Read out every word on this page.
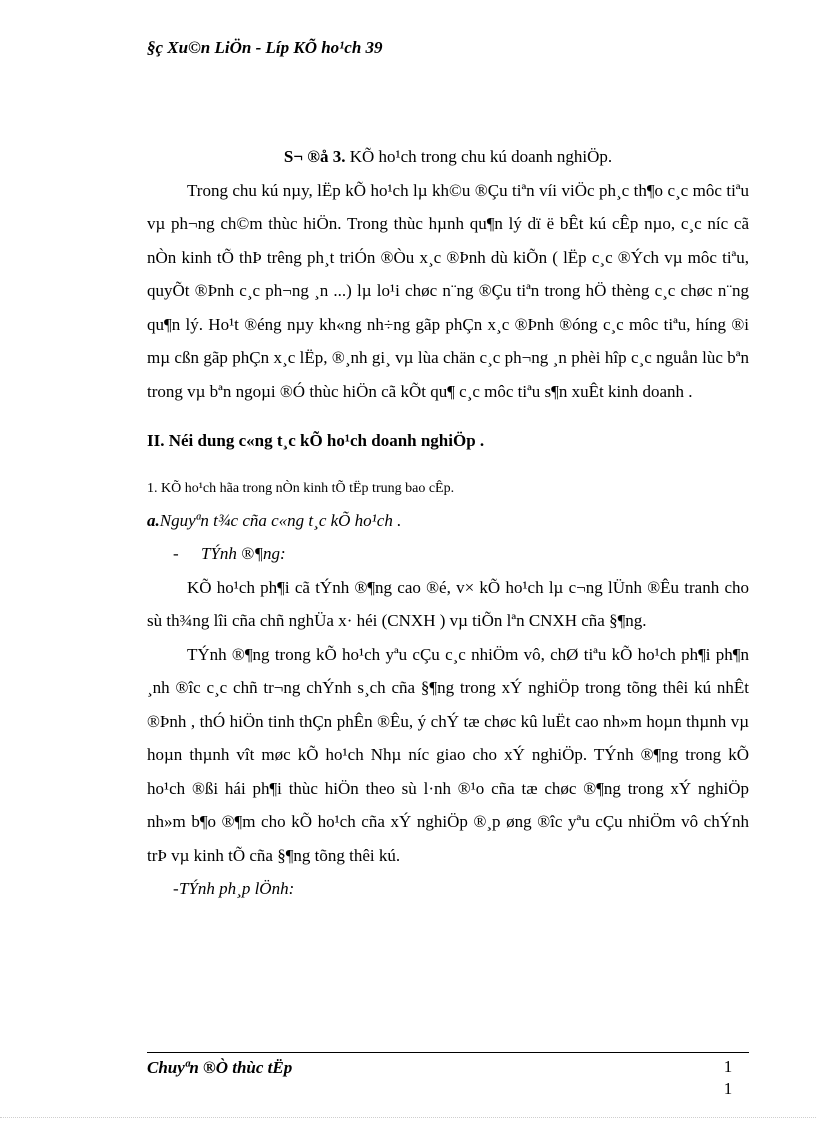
§ç Xu©n LiÖn - Líp KÕ ho¹ch 39

S¬ ®å 3. KÕ ho¹ch trong chu kú doanh nghiÖp.

Trong chu kú nµy, lËp kÕ ho¹ch lµ kh©u ®Çu tiªn víi viÖc ph¸c th¶o c¸c môc tiªu vµ ph¬ng ch©m thùc hiÖn. Trong thùc hµnh qu¶n lý dï ë bÊt kú cÊp nµo, c¸c níc cã nÒn kinh tÕ thÞ trêng ph¸t triÓn ®Òu x¸c ®Þnh dù kiÕn ( lËp c¸c ®Ých vµ môc tiªu, quyÕt ®Þnh c¸c ph¬ng ¸n ...) lµ lo¹i chøc n¨ng ®Çu tiªn trong hÖ thèng c¸c chøc n¨ng qu¶n lý. Ho¹t ®éng nµy kh«ng nh÷ng gãp phÇn x¸c ®Þnh ®óng c¸c môc tiªu, híng ®i mµ cßn gãp phÇn x¸c lËp, ®¸nh gi¸ vµ lùa chän c¸c ph¬ng ¸n phèi hîp c¸c nguån lùc bªn trong vµ bªn ngoµi ®Ó thùc hiÖn cã kÕt qu¶ c¸c môc tiªu s¶n xuÊt kinh doanh .

II. Néi dung c«ng t¸c kÕ ho¹ch doanh nghiÖp .

1. KÕ ho¹ch hãa trong nÒn kinh tÕ tËp trung bao cÊp.

a.Nguyªn t¾c cña c«ng t¸c kÕ ho¹ch .

- TÝnh ®¶ng:

KÕ ho¹ch ph¶i cã tÝnh ®¶ng cao ®é, v× kÕ ho¹ch lµ c¬ng lÜnh ®Êu tranh cho sù th¾ng lîi cña chñ nghÜa x· héi (CNXH ) vµ tiÕn lªn CNXH cña §¶ng.

TÝnh ®¶ng trong kÕ ho¹ch yªu cÇu c¸c nhiÖm vô, chØ tiªu kÕ ho¹ch ph¶i ph¶n ¸nh ®îc c¸c chñ tr¬ng chÝnh s¸ch cña §¶ng trong xÝ nghiÖp trong tõng thêi kú nhÊt ®Þnh , thÓ hiÖn tinh thÇn phÊn ®Êu, ý chÝ tæ chøc kû luËt cao nh»m hoµn thµnh vµ hoµn thµnh vît møc kÕ ho¹ch Nhµ níc giao cho xÝ nghiÖp. TÝnh ®¶ng trong kÕ ho¹ch ®ßi hái ph¶i thùc hiÖn theo sù l·nh ®¹o cña tæ chøc ®¶ng trong xÝ nghiÖp nh»m b¶o ®¶m cho kÕ ho¹ch cña xÝ nghiÖp ®¸p øng ®îc yªu cÇu nhiÖm vô chÝnh trÞ vµ kinh tÕ cña §¶ng tõng thêi kú.

-TÝnh ph¸p lÖnh:

Chuyªn ®Ò thùc tËp	1
1
